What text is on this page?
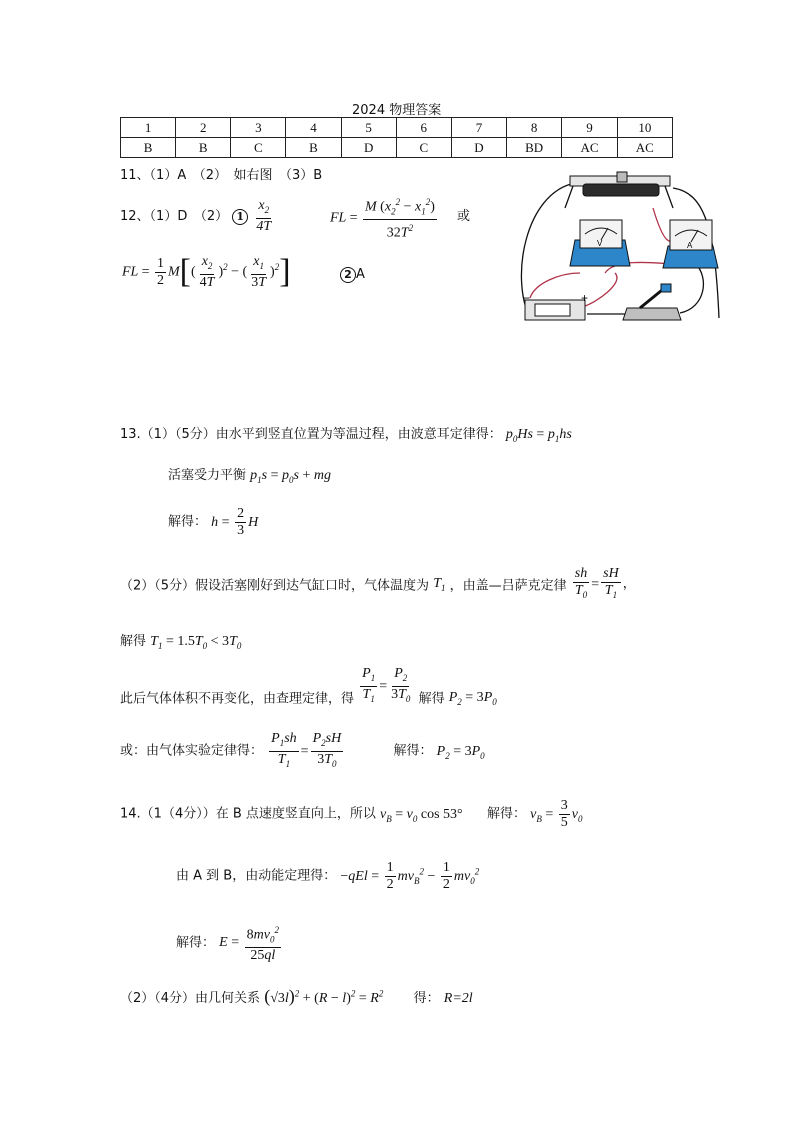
2024 物理答案
1	2	3	4	5	6	7	8	9	10
B	B	C	B	D	C	D	BD	AC	AC
11、（1）A　（2）　如右图　（3）B
12、（1）D　（2） $1 \frac{x_2}{4T}$	FL = $\frac{M (x_2^2 - x_1^2)}{32T^2}$ 或
FL = $\frac{1}{2} M[( \frac{x_2}{4T} )^2$ − ( $\frac{x_1}{3T} )^2$]	2 A
V	A
−	+
13.（1）（5分）由水平到竖直位置为等温过程，由波意耳定律得： $p_0Hs = p_1hs$
活塞受力平衡 $p_1s = p_0s$ + mg
解得： $h = \frac{2}{3}$ H
（2）（5分）假设活塞刚好到达气缸口时，气体温度为 $T_1$ ，由盖—吕萨克定律 $\frac{sh}{T_0} = \frac{sH}{T_1}$ ，
解得 $T_1 = 1.5T_0 < 3T_0$
此后气体体积不再变化，由查理定律，得 $\frac{P_1}{T_1} = \frac{P_2}{3T_0}$ 解得 $P_2 = 3P_0$
或：由气体实验定律得： $\frac{P_1sh}{T_1} = \frac{P_2sH}{3T_0}$	解得： $P_2 = 3P_0$
14.（1（4分））在 B 点速度竖直向上，所以 $v_B = v_0$ cos 53° 解得： $v_B = \frac{3}{5} v_0$
由 A 到 B，由动能定理得： $-qEl = \frac{1}{2} mv_B^2 - \frac{1}{2} mv_0^2$
解得： $E = \frac{8mv_0^2}{25ql}$
（2）（4分）由几何关系 $(√3l)^2 + (R - l)^2 = R^2$ 得： R=2l
